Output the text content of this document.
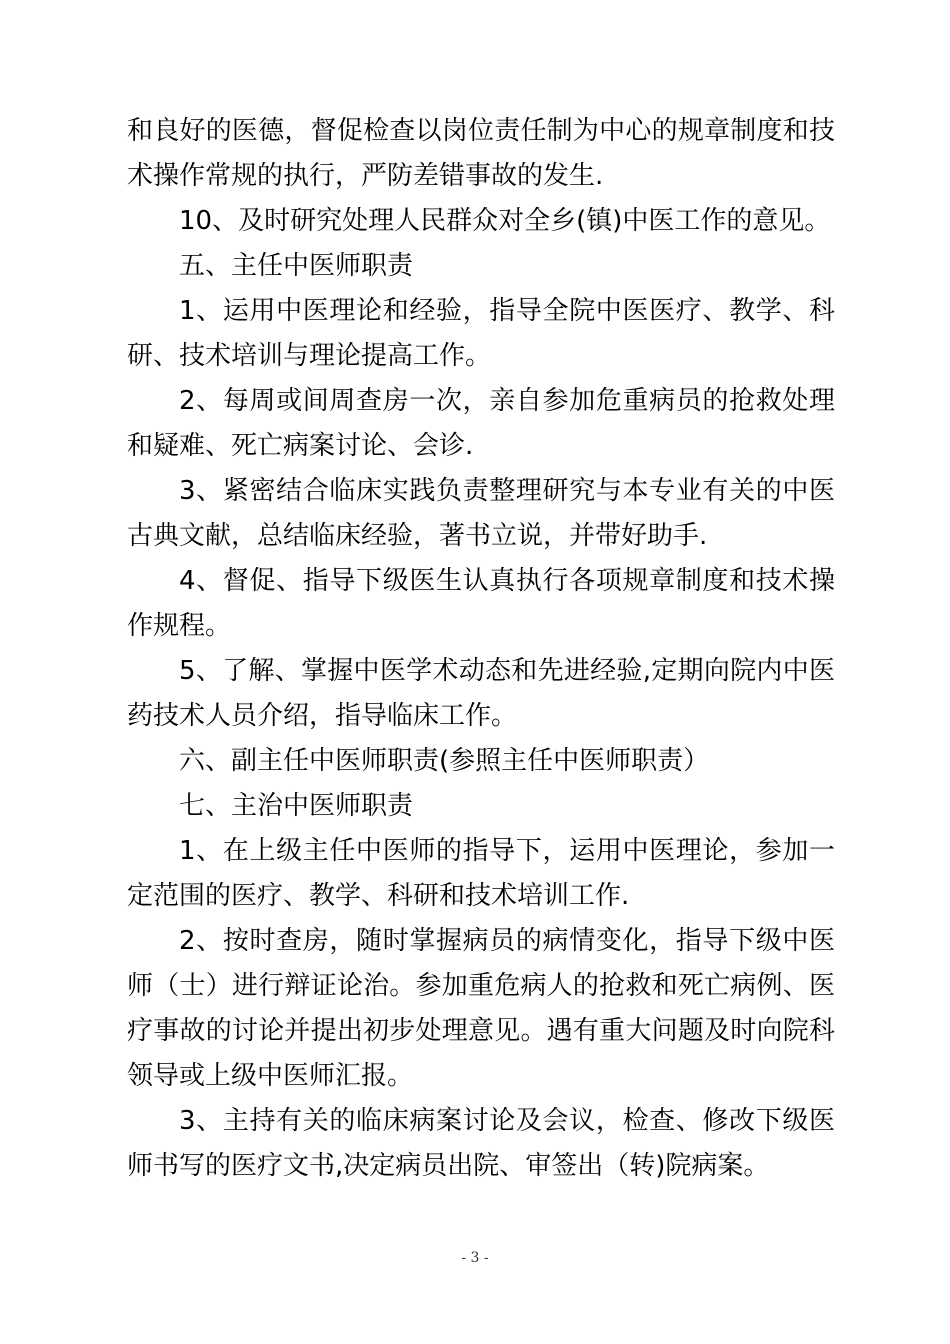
和良好的医德，督促检查以岗位责任制为中心的规章制度和技术操作常规的执行，严防差错事故的发生.

10、及时研究处理人民群众对全乡(镇)中医工作的意见。

五、主任中医师职责

1、运用中医理论和经验，指导全院中医医疗、教学、科研、技术培训与理论提高工作。

2、每周或间周查房一次，亲自参加危重病员的抢救处理和疑难、死亡病案讨论、会诊.

3、紧密结合临床实践负责整理研究与本专业有关的中医古典文献，总结临床经验，著书立说，并带好助手.

4、督促、指导下级医生认真执行各项规章制度和技术操作规程。

5、了解、掌握中医学术动态和先进经验,定期向院内中医药技术人员介绍，指导临床工作。

六、副主任中医师职责(参照主任中医师职责）

七、主治中医师职责

1、在上级主任中医师的指导下，运用中医理论，参加一定范围的医疗、教学、科研和技术培训工作.

2、按时查房，随时掌握病员的病情变化，指导下级中医师（士）进行辩证论治。参加重危病人的抢救和死亡病例、医疗事故的讨论并提出初步处理意见。遇有重大问题及时向院科领导或上级中医师汇报。

3、主持有关的临床病案讨论及会议，检查、修改下级医师书写的医疗文书,决定病员出院、审签出（转)院病案。

- 3 -
